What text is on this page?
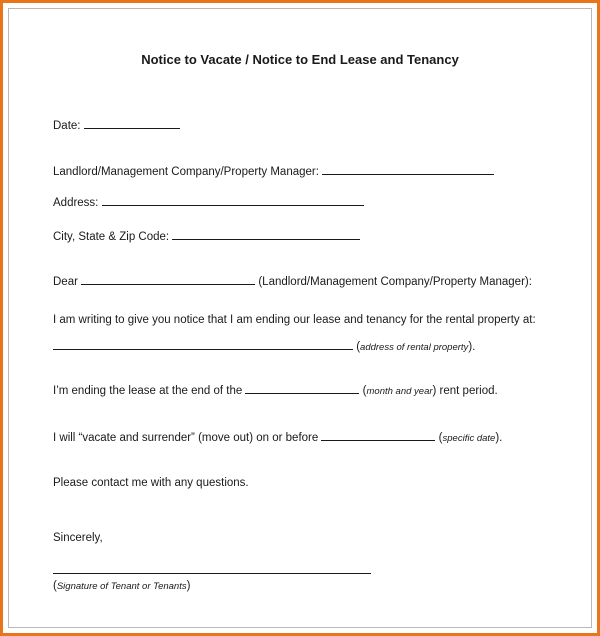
Notice to Vacate / Notice to End Lease and Tenancy
Date:
Landlord/Management Company/Property Manager:
Address:
City, State & Zip Code:
Dear	(Landlord/Management Company/Property Manager):
I am writing to give you notice that I am ending our lease and tenancy for the rental property at:
(address of rental property).
I’m ending the lease at the end of the	(month and year) rent period.
I will “vacate and surrender” (move out) on or before	(specific date).
Please contact me with any questions.
Sincerely,
(Signature of Tenant or Tenants)
